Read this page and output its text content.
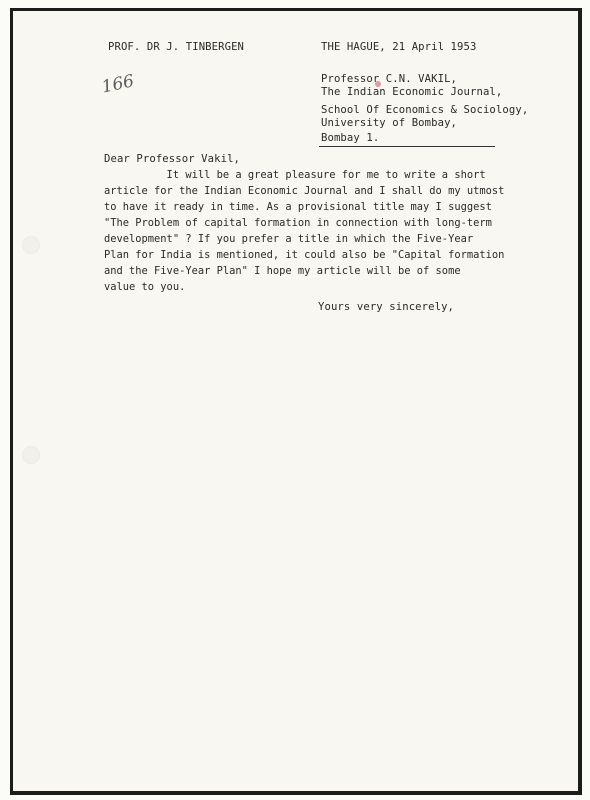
PROF. DR J. TINBERGEN	THE HAGUE, 21 April 1953
166	Professor C.N. VAKIL,
The Indian Economic Journal,
School Of Economics & Sociology,
University of Bombay,
Bombay 1.
Dear Professor Vakil,
It will be a great pleasure for me to write a short
article for the Indian Economic Journal and I shall do my utmost
to have it ready in time. As a provisional title may I suggest
"The Problem of capital formation in connection with long-term
development" ? If you prefer a title in which the Five-Year
Plan for India is mentioned, it could also be "Capital formation
and the Five-Year Plan" I hope my article will be of some
value to you.
Yours very sincerely,
